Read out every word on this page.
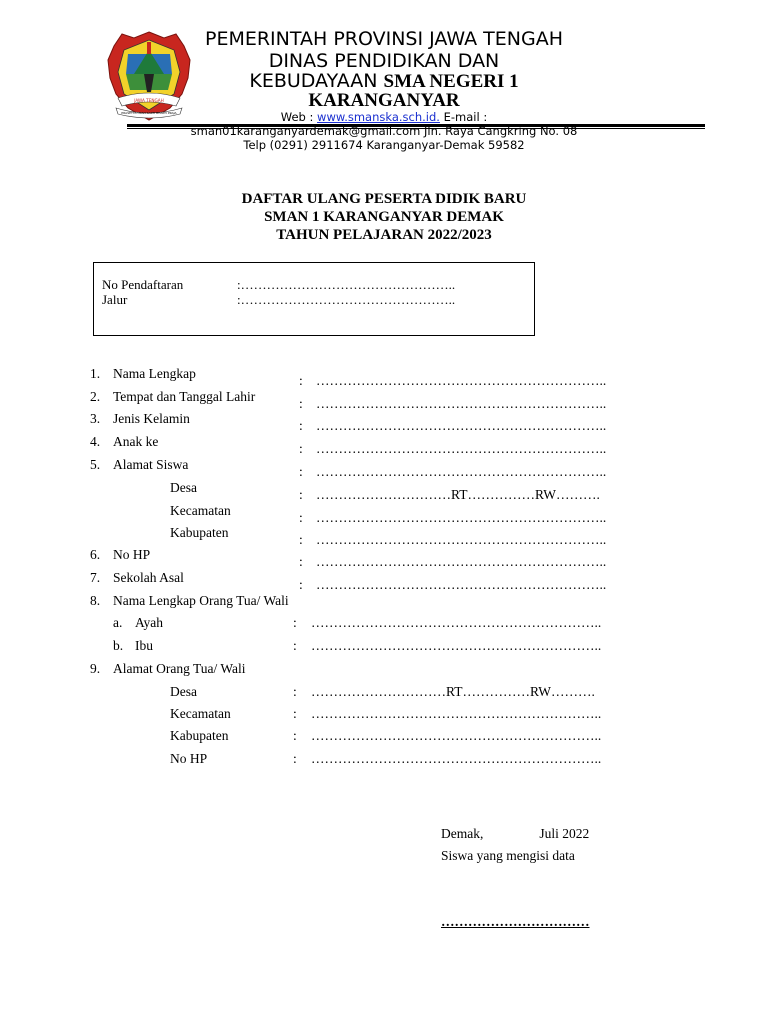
JAWA TENGAH
PRASETYA ULAH SAKTI BHAKTI PRAJA
PEMERINTAH PROVINSI JAWA TENGAH
DINAS PENDIDIKAN DAN
KEBUDAYAAN SMA NEGERI 1
KARANGANYAR
Web : www.smanska.sch.id. E-mail :
sman01karanganyardemak@gmail.com Jln. Raya Cangkring No. 08
Telp (0291) 2911674 Karanganyar-Demak 59582
DAFTAR ULANG PESERTA DIDIK BARU
SMAN 1 KARANGANYAR DEMAK
TAHUN PELAJARAN 2022/2023
No Pendaftaran	:…………………………………………..
Jalur	:…………………………………………..
1. Nama Lengkap	: ………………………………………………………..
2. Tempat dan Tanggal Lahir	: ………………………………………………………..
3. Jenis Kelamin	: ………………………………………………………..
4. Anak ke	: ………………………………………………………..
5. Alamat Siswa	: ………………………………………………………..
Desa	: …………………………RT……………RW……….
Kecamatan	: ………………………………………………………..
Kabupaten	: ………………………………………………………..
6. No HP	: ………………………………………………………..
7. Sekolah Asal	: ………………………………………………………..
8. Nama Lengkap Orang Tua/ Wali
a. Ayah	: ………………………………………………………..
b. Ibu	: ………………………………………………………..
9. Alamat Orang Tua/ Wali
Desa	: …………………………RT……………RW……….
Kecamatan	: ………………………………………………………..
Kabupaten	: ………………………………………………………..
No HP	: ………………………………………………………..
Demak,	Juli 2022
Siswa yang mengisi data
……………………………
